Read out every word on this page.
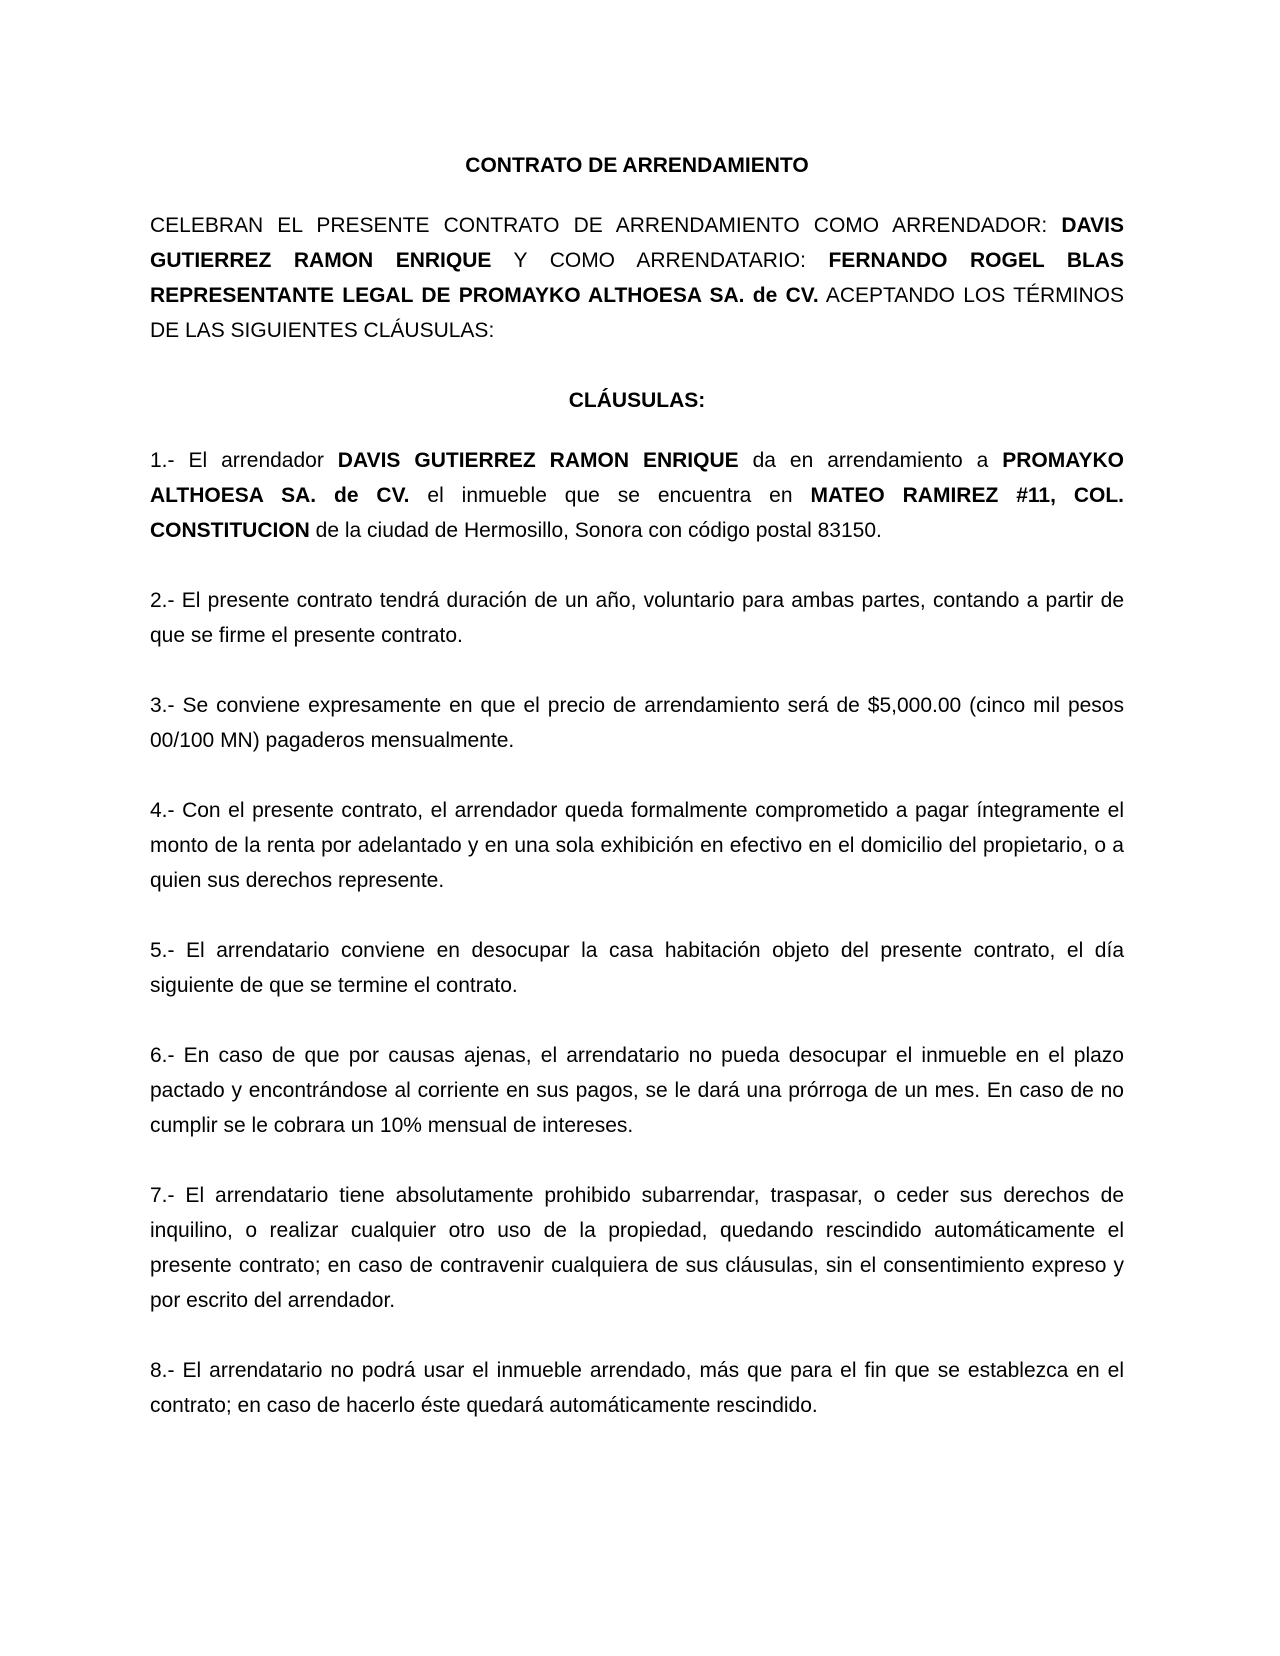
CONTRATO DE ARRENDAMIENTO

CELEBRAN EL PRESENTE CONTRATO DE ARRENDAMIENTO COMO ARRENDADOR: DAVIS GUTIERREZ RAMON ENRIQUE Y COMO ARRENDATARIO: FERNANDO ROGEL BLAS REPRESENTANTE LEGAL DE PROMAYKO ALTHOESA SA. de CV. ACEPTANDO LOS TÉRMINOS DE LAS SIGUIENTES CLÁUSULAS:

CLÁUSULAS:

1.- El arrendador DAVIS GUTIERREZ RAMON ENRIQUE da en arrendamiento a PROMAYKO ALTHOESA SA. de CV. el inmueble que se encuentra en MATEO RAMIREZ #11, COL. CONSTITUCION de la ciudad de Hermosillo, Sonora con código postal 83150.

2.- El presente contrato tendrá duración de un año, voluntario para ambas partes, contando a partir de que se firme el presente contrato.

3.- Se conviene expresamente en que el precio de arrendamiento será de $5,000.00 (cinco mil pesos 00/100 MN) pagaderos mensualmente.

4.- Con el presente contrato, el arrendador queda formalmente comprometido a pagar íntegramente el monto de la renta por adelantado y en una sola exhibición en efectivo en el domicilio del propietario, o a quien sus derechos represente.

5.- El arrendatario conviene en desocupar la casa habitación objeto del presente contrato, el día siguiente de que se termine el contrato.

6.- En caso de que por causas ajenas, el arrendatario no pueda desocupar el inmueble en el plazo pactado y encontrándose al corriente en sus pagos, se le dará una prórroga de un mes. En caso de no cumplir se le cobrara un 10% mensual de intereses.

7.- El arrendatario tiene absolutamente prohibido subarrendar, traspasar, o ceder sus derechos de inquilino, o realizar cualquier otro uso de la propiedad, quedando rescindido automáticamente el presente contrato; en caso de contravenir cualquiera de sus cláusulas, sin el consentimiento expreso y por escrito del arrendador.

8.- El arrendatario no podrá usar el inmueble arrendado, más que para el fin que se establezca en el contrato; en caso de hacerlo éste quedará automáticamente rescindido.
